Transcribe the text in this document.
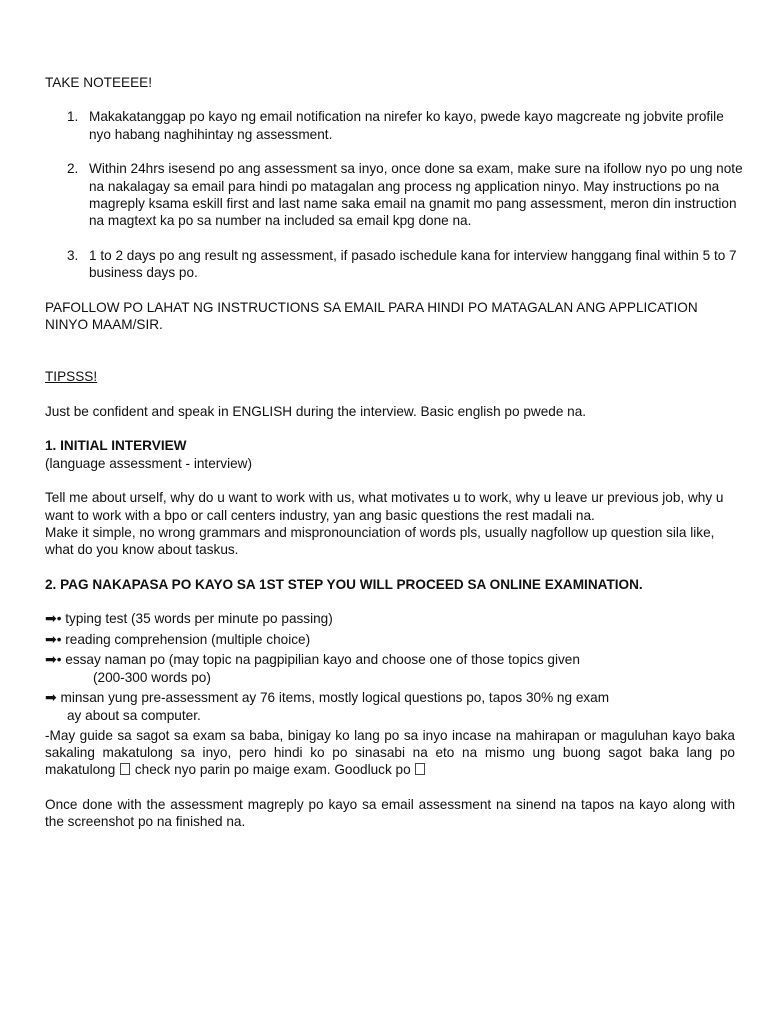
TAKE NOTEEEE!

1. Makakatanggap po kayo ng email notification na nirefer ko kayo, pwede kayo magcreate ng jobvite profile nyo habang naghihintay ng assessment.
2. Within 24hrs isesend po ang assessment sa inyo, once done sa exam, make sure na ifollow nyo po ung note na nakalagay sa email para hindi po matagalan ang process ng application ninyo. May instructions po na magreply ksama eskill first and last name saka email na gnamit mo pang assessment, meron din instruction na magtext ka po sa number na included sa email kpg done na.
3. 1 to 2 days po ang result ng assessment, if pasado ischedule kana for interview hanggang final within 5 to 7 business days po.

PAFOLLOW PO LAHAT NG INSTRUCTIONS SA EMAIL PARA HINDI PO MATAGALAN ANG APPLICATION NINYO MAAM/SIR.

TIPSSS!

Just be confident and speak in ENGLISH during the interview. Basic english po pwede na.

1. INITIAL INTERVIEW

(language assessment - interview)

Tell me about urself, why do u want to work with us, what motivates u to work, why u leave ur previous job, why u want to work with a bpo or call centers industry, yan ang basic questions the rest madali na.

Make it simple, no wrong grammars and mispronounciation of words pls, usually nagfollow up question sila like, what do you know about taskus.

2. PAG NAKAPASA PO KAYO SA 1ST STEP YOU WILL PROCEED SA ONLINE EXAMINATION.

➡• typing test (35 words per minute po passing)
➡• reading comprehension (multiple choice)
➡• essay naman po (may topic na pagpipilian kayo and choose one of those topics given
(200-300 words po)
➡ minsan yung pre-assessment ay 76 items, mostly logical questions po, tapos 30% ng exam
ay about sa computer.

-May guide sa sagot sa exam sa baba, binigay ko lang po sa inyo incase na mahirapan or maguluhan kayo baka sakaling makatulong sa inyo, pero hindi ko po sinasabi na eto na mismo ung buong sagot baka lang po makatulong check nyo parin po maige exam. Goodluck po

Once done with the assessment magreply po kayo sa email assessment na sinend na tapos na kayo along with the screenshot po na finished na.
